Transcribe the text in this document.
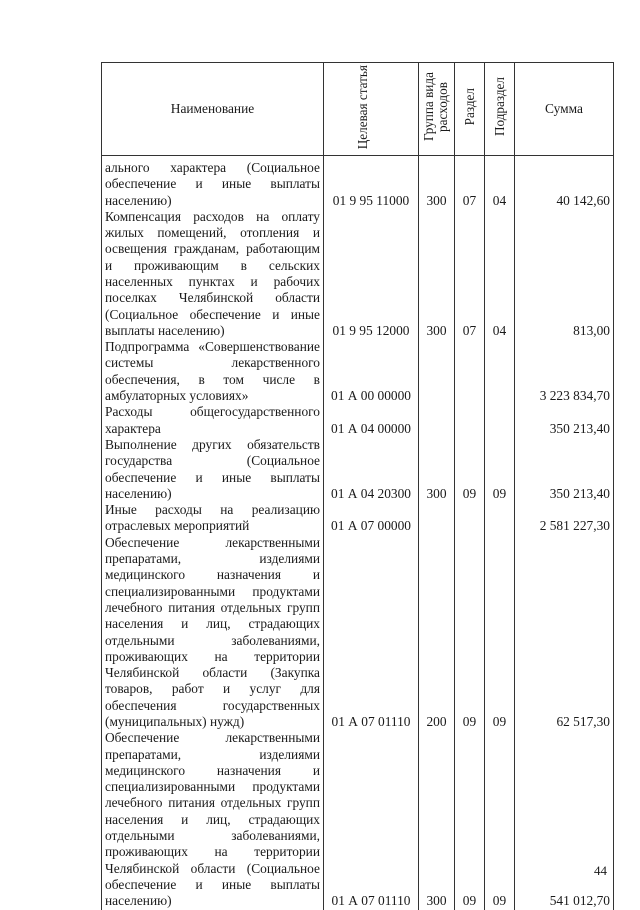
Наименование	Целевая статья	Группа вида расходов	Раздел	Подраздел	Сумма
ального характера (Социальное обеспечение и иные выплаты населению)	01 9 95 11000	300	07	04	40 142,60
Компенсация расходов на оплату жилых помещений, отопления и освещения гражданам, работающим и проживающим в сельских населенных пунктах и рабочих поселках Челябинской области (Социальное обеспечение и иные выплаты населению)	01 9 95 12000	300	07	04	813,00
Подпрограмма «Совершенствование системы лекарственного обеспечения, в том числе в амбулаторных условиях»	01 А 00 00000				3 223 834,70
Расходы общегосударственного характера	01 А 04 00000				350 213,40
Выполнение других обязательств государства (Социальное обеспечение и иные выплаты населению)	01 А 04 20300	300	09	09	350 213,40
Иные расходы на реализацию отраслевых мероприятий	01 А 07 00000				2 581 227,30
Обеспечение лекарственными препаратами, изделиями медицинского назначения и специализированными продуктами лечебного питания отдельных групп населения и лиц, страдающих отдельными заболеваниями, проживающих на территории Челябинской области (Закупка товаров, работ и услуг для обеспечения государственных (муниципальных) нужд)	01 А 07 01110	200	09	09	62 517,30
Обеспечение лекарственными препаратами, изделиями медицинского назначения и специализированными продуктами лечебного питания отдельных групп населения и лиц, страдающих отдельными заболеваниями, проживающих на территории Челябинской области (Социальное обеспечение и иные выплаты населению)	01 А 07 01110	300	09	09	541 012,70
44
